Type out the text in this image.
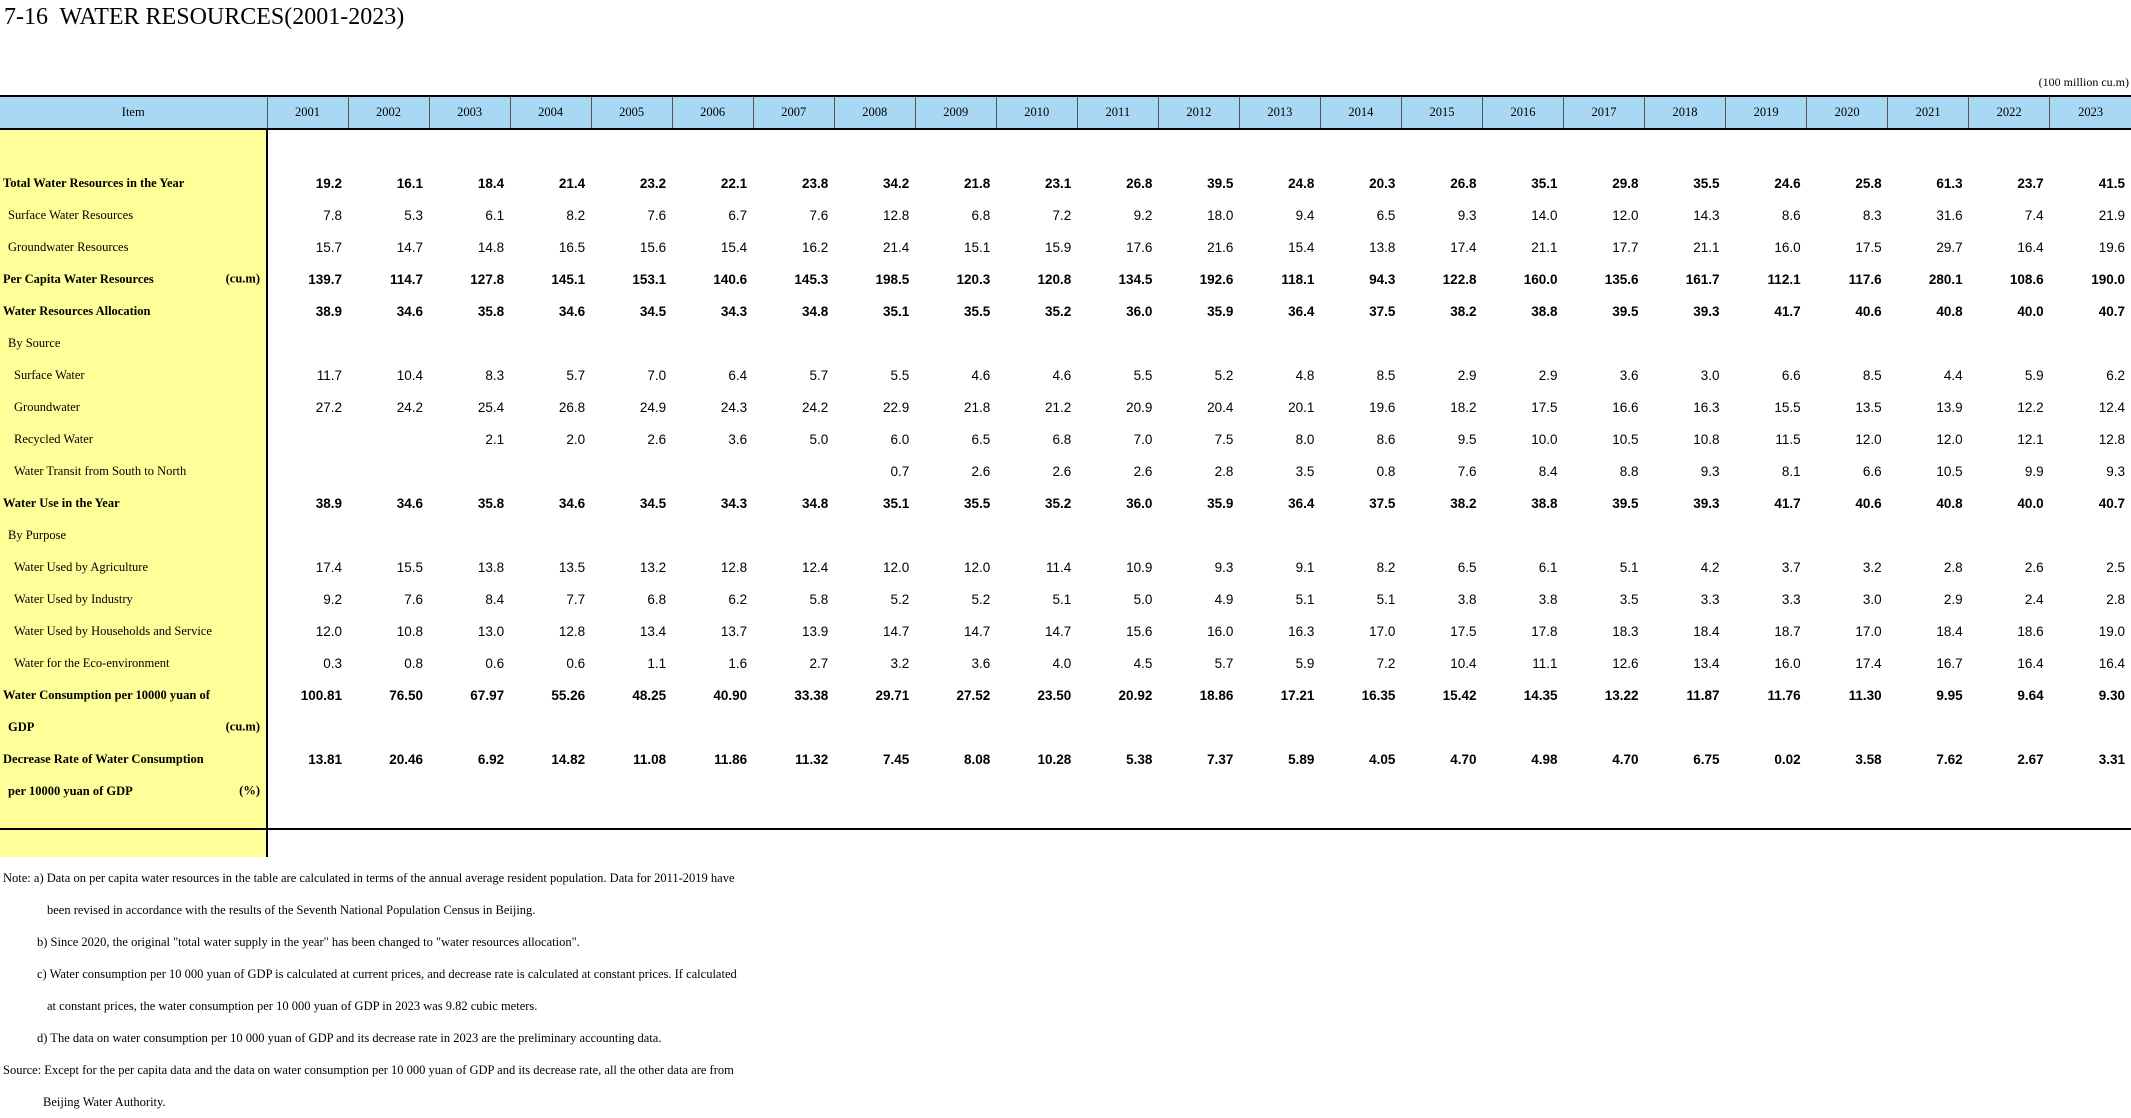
7-16  WATER RESOURCES(2001-2023)
(100 million cu.m)
Item	2001	2002	2003	2004	2005	2006	2007	2008	2009	2010	2011	2012	2013	2014	2015	2016	2017	2018	2019	2020	2021	2022	2023

Total Water Resources in the Year	19.2	16.1	18.4	21.4	23.2	22.1	23.8	34.2	21.8	23.1	26.8	39.5	24.8	20.3	26.8	35.1	29.8	35.5	24.6	25.8	61.3	23.7	41.5
Surface Water Resources	7.8	5.3	6.1	8.2	7.6	6.7	7.6	12.8	6.8	7.2	9.2	18.0	9.4	6.5	9.3	14.0	12.0	14.3	8.6	8.3	31.6	7.4	21.9
Groundwater Resources	15.7	14.7	14.8	16.5	15.6	15.4	16.2	21.4	15.1	15.9	17.6	21.6	15.4	13.8	17.4	21.1	17.7	21.1	16.0	17.5	29.7	16.4	19.6
Per Capita Water Resources (cu.m)	139.7	114.7	127.8	145.1	153.1	140.6	145.3	198.5	120.3	120.8	134.5	192.6	118.1	94.3	122.8	160.0	135.6	161.7	112.1	117.6	280.1	108.6	190.0
Water Resources Allocation	38.9	34.6	35.8	34.6	34.5	34.3	34.8	35.1	35.5	35.2	36.0	35.9	36.4	37.5	38.2	38.8	39.5	39.3	41.7	40.6	40.8	40.0	40.7
By Source																							
Surface Water	11.7	10.4	8.3	5.7	7.0	6.4	5.7	5.5	4.6	4.6	5.5	5.2	4.8	8.5	2.9	2.9	3.6	3.0	6.6	8.5	4.4	5.9	6.2
Groundwater	27.2	24.2	25.4	26.8	24.9	24.3	24.2	22.9	21.8	21.2	20.9	20.4	20.1	19.6	18.2	17.5	16.6	16.3	15.5	13.5	13.9	12.2	12.4
Recycled Water			2.1	2.0	2.6	3.6	5.0	6.0	6.5	6.8	7.0	7.5	8.0	8.6	9.5	10.0	10.5	10.8	11.5	12.0	12.0	12.1	12.8
Water Transit from South to North								0.7	2.6	2.6	2.6	2.8	3.5	0.8	7.6	8.4	8.8	9.3	8.1	6.6	10.5	9.9	9.3
Water Use in the Year	38.9	34.6	35.8	34.6	34.5	34.3	34.8	35.1	35.5	35.2	36.0	35.9	36.4	37.5	38.2	38.8	39.5	39.3	41.7	40.6	40.8	40.0	40.7
By Purpose																							
Water Used by Agriculture	17.4	15.5	13.8	13.5	13.2	12.8	12.4	12.0	12.0	11.4	10.9	9.3	9.1	8.2	6.5	6.1	5.1	4.2	3.7	3.2	2.8	2.6	2.5
Water Used by Industry	9.2	7.6	8.4	7.7	6.8	6.2	5.8	5.2	5.2	5.1	5.0	4.9	5.1	5.1	3.8	3.8	3.5	3.3	3.3	3.0	2.9	2.4	2.8
Water Used by Households and Service	12.0	10.8	13.0	12.8	13.4	13.7	13.9	14.7	14.7	14.7	15.6	16.0	16.3	17.0	17.5	17.8	18.3	18.4	18.7	17.0	18.4	18.6	19.0
Water for the Eco-environment	0.3	0.8	0.6	0.6	1.1	1.6	2.7	3.2	3.6	4.0	4.5	5.7	5.9	7.2	10.4	11.1	12.6	13.4	16.0	17.4	16.7	16.4	16.4
Water Consumption per 10000 yuan of	100.81	76.50	67.97	55.26	48.25	40.90	33.38	29.71	27.52	23.50	20.92	18.86	17.21	16.35	15.42	14.35	13.22	11.87	11.76	11.30	9.95	9.64	9.30
GDP (cu.m)																							

Decrease Rate of Water Consumption	13.81	20.46	6.92	14.82	11.08	11.86	11.32	7.45	8.08	10.28	5.38	7.37	5.89	4.05	4.70	4.98	4.70	6.75	0.02	3.58	7.62	2.67	3.31
per 10000 yuan of GDP (%)																							

Note: a) Data on per capita water resources in the table are calculated in terms of the annual average resident population. Data for 2011-2019 have
been revised in accordance with the results of the Seventh National Population Census in Beijing.
b) Since 2020, the original "total water supply in the year" has been changed to "water resources allocation".
c) Water consumption per 10 000 yuan of GDP is calculated at current prices, and decrease rate is calculated at constant prices. If calculated
at constant prices, the water consumption per 10 000 yuan of GDP in 2023 was 9.82 cubic meters.
d) The data on water consumption per 10 000 yuan of GDP and its decrease rate in 2023 are the preliminary accounting data.
Source: Except for the per capita data and the data on water consumption per 10 000 yuan of GDP and its decrease rate, all the other data are from
Beijing Water Authority.
